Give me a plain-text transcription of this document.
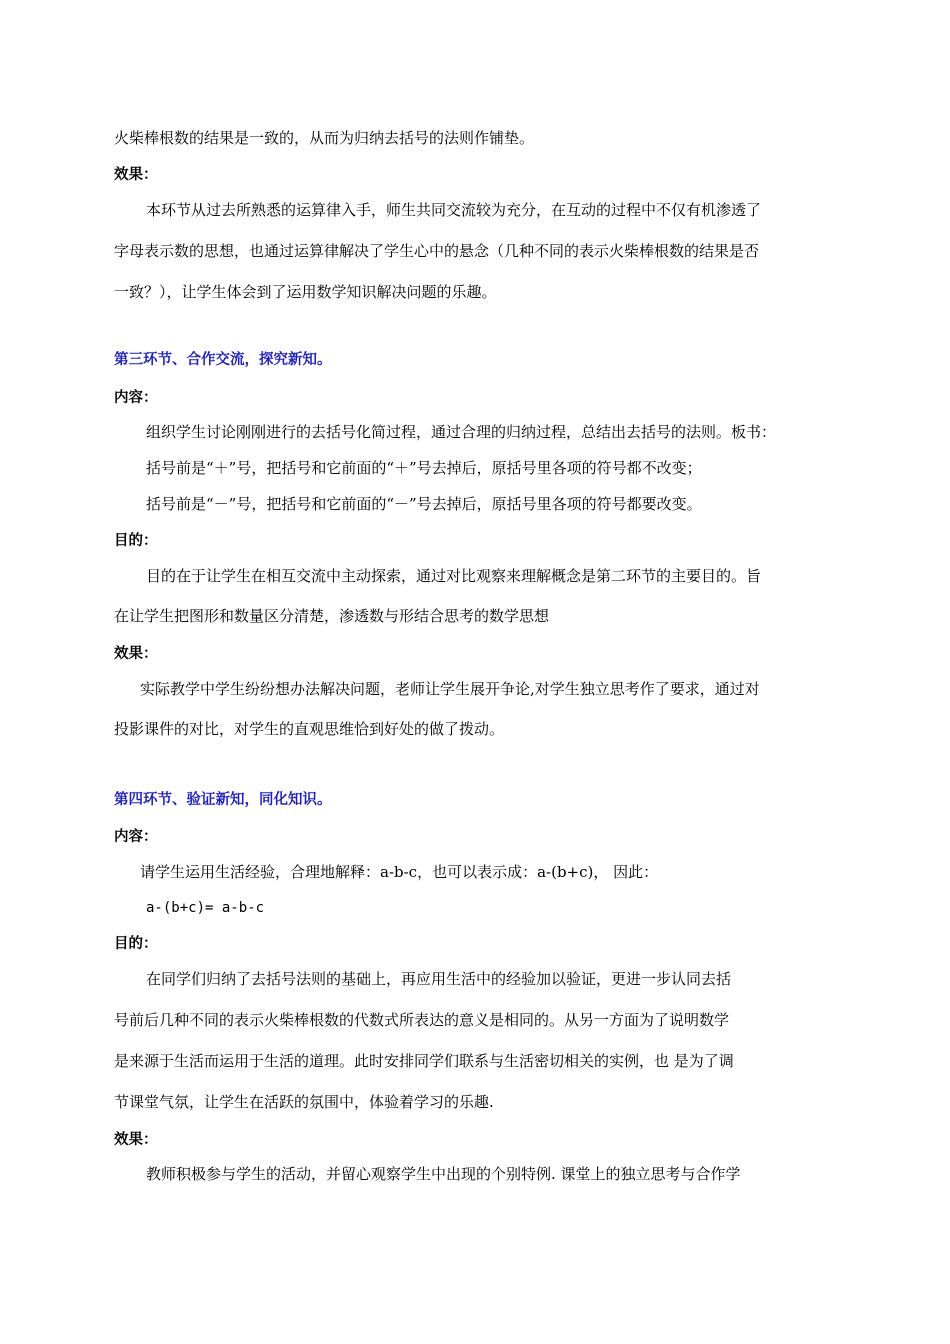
火柴棒根数的结果是一致的，从而为归纳去括号的法则作铺垫。
效果：
本环节从过去所熟悉的运算律入手，师生共同交流较为充分，在互动的过程中不仅有机渗透了
字母表示数的思想，也通过运算律解决了学生心中的悬念（几种不同的表示火柴棒根数的结果是否
一致？），让学生体会到了运用数学知识解决问题的乐趣。
第三环节、合作交流，探究新知。
内容：
组织学生讨论刚刚进行的去括号化简过程，通过合理的归纳过程，总结出去括号的法则。板书：
括号前是“＋”号，把括号和它前面的“＋”号去掉后，原括号里各项的符号都不改变；
括号前是“－”号，把括号和它前面的“－”号去掉后，原括号里各项的符号都要改变。
目的：
目的在于让学生在相互交流中主动探索，通过对比观察来理解概念是第二环节的主要目的。旨
在让学生把图形和数量区分清楚，渗透数与形结合思考的数学思想
效果：
实际教学中学生纷纷想办法解决问题，老师让学生展开争论,对学生独立思考作了要求，通过对
投影课件的对比，对学生的直观思维恰到好处的做了拨动。
第四环节、验证新知，同化知识。
内容：
请学生运用生活经验，合理地解释：a-b-c，也可以表示成：a-(b+c)， 因此：
a-(b+c)= a-b-c
目的：
在同学们归纳了去括号法则的基础上，再应用生活中的经验加以验证，更进一步认同去括
号前后几种不同的表示火柴棒根数的代数式所表达的意义是相同的。从另一方面为了说明数学
是来源于生活而运用于生活的道理。此时安排同学们联系与生活密切相关的实例，也 是为了调
节课堂气氛，让学生在活跃的氛围中，体验着学习的乐趣.
效果：
教师积极参与学生的活动，并留心观察学生中出现的个别特例. 课堂上的独立思考与合作学
